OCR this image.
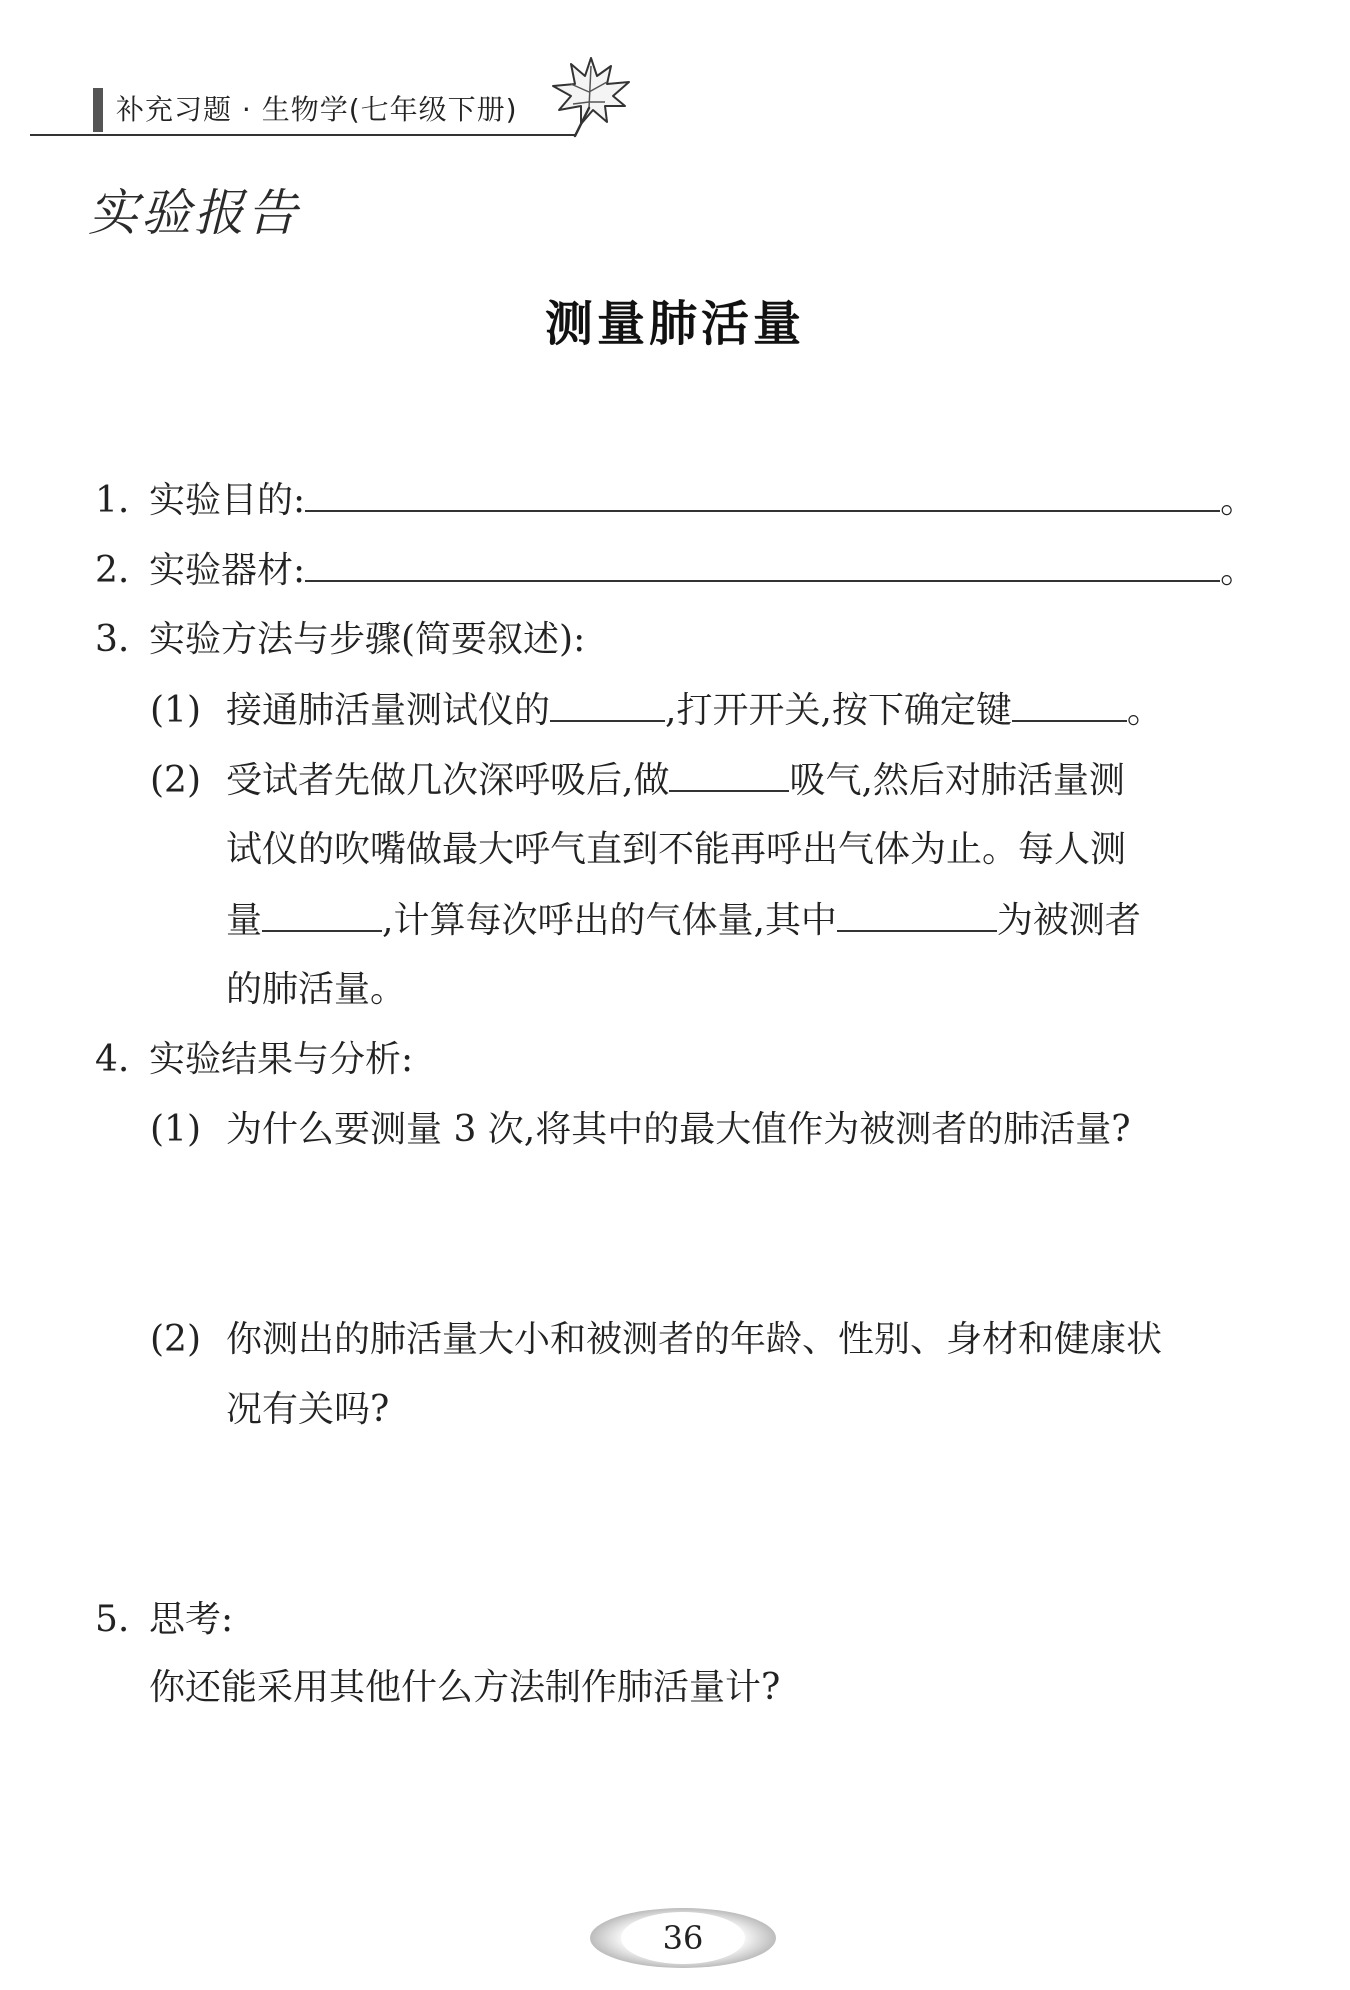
补充习题 · 生物学(七年级下册)
实验报告
测量肺活量
1. 实验目的:	。
2. 实验器材:	。
3. 实验方法与步骤(简要叙述):
(1) 接通肺活量测试仪的	,打开开关,按下确定键	。
(2) 受试者先做几次深呼吸后,做	吸气,然后对肺活量测
试仪的吹嘴做最大呼气直到不能再呼出气体为止。每人测
量	,计算每次呼出的气体量,其中	为被测者
的肺活量。
4. 实验结果与分析:
(1) 为什么要测量 3 次,将其中的最大值作为被测者的肺活量?
(2) 你测出的肺活量大小和被测者的年龄、性别、身材和健康状
况有关吗?
5. 思考:
你还能采用其他什么方法制作肺活量计?
36
